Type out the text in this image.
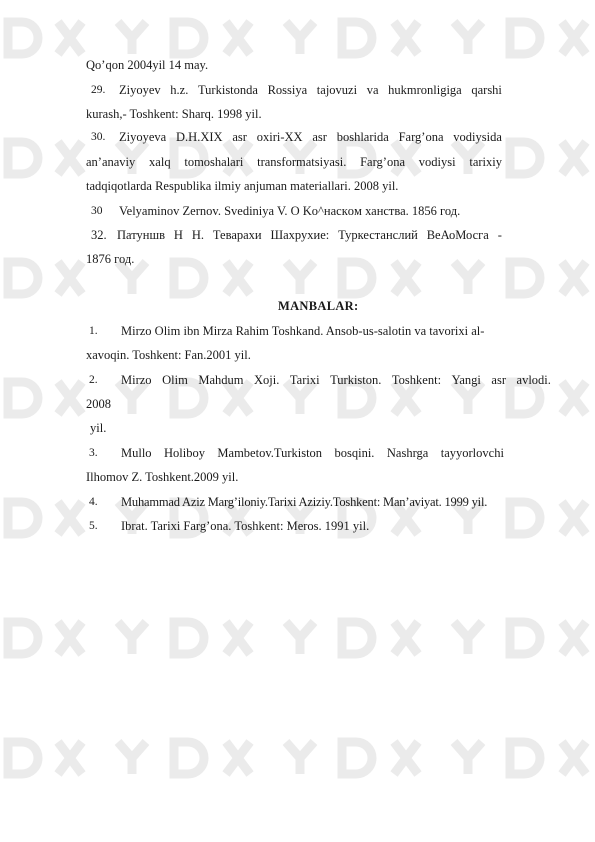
Qo’qon 2004yil 14 may.
29. Ziyoyev h.z. Turkistonda Rossiya tajovuzi va hukmronligiga qarshi
kurash,- Toshkent: Sharq. 1998 yil.
30. Ziyoyeva D.H.XIX asr oxiri-XX asr boshlarida Farg’ona vodiysida
an’anaviy xalq tomoshalari transformatsiyasi. Farg’ona vodiysi tarixiy
tadqiqotlarda Respublika ilmiy anjuman materiallari. 2008 yil.
30 Velyaminov Zernov. Svediniya V. O Ko^нacкoм ханства. 1856 год.
32. Патуншв Н Н. Теварахи Шахрухие: Туркестанслий ВеАоМосга -
1876 год.
MANBALAR:
1. Mirzo Olim ibn Mirza Rahim Toshkand. Ansob-us-salotin va tavorixi al-
xavoqin. Toshkent: Fan.2001 yil.
2. Mirzo Olim Mahdum Xoji. Tarixi Turkiston. Toshkent: Yangi asr avlodi.
2008
yil.
3. Mullo Holiboy Mambetov.Turkiston bosqini. Nashrga tayyorlovchi
Ilhomov Z. Toshkent.2009 yil.
4. Muhammad Aziz Marg’iloniy.Tarixi Aziziy.Toshkent: Man’aviyat. 1999 yil.
5. Ibrat. Tarixi Farg’ona. Toshkent: Meros. 1991 yil.
